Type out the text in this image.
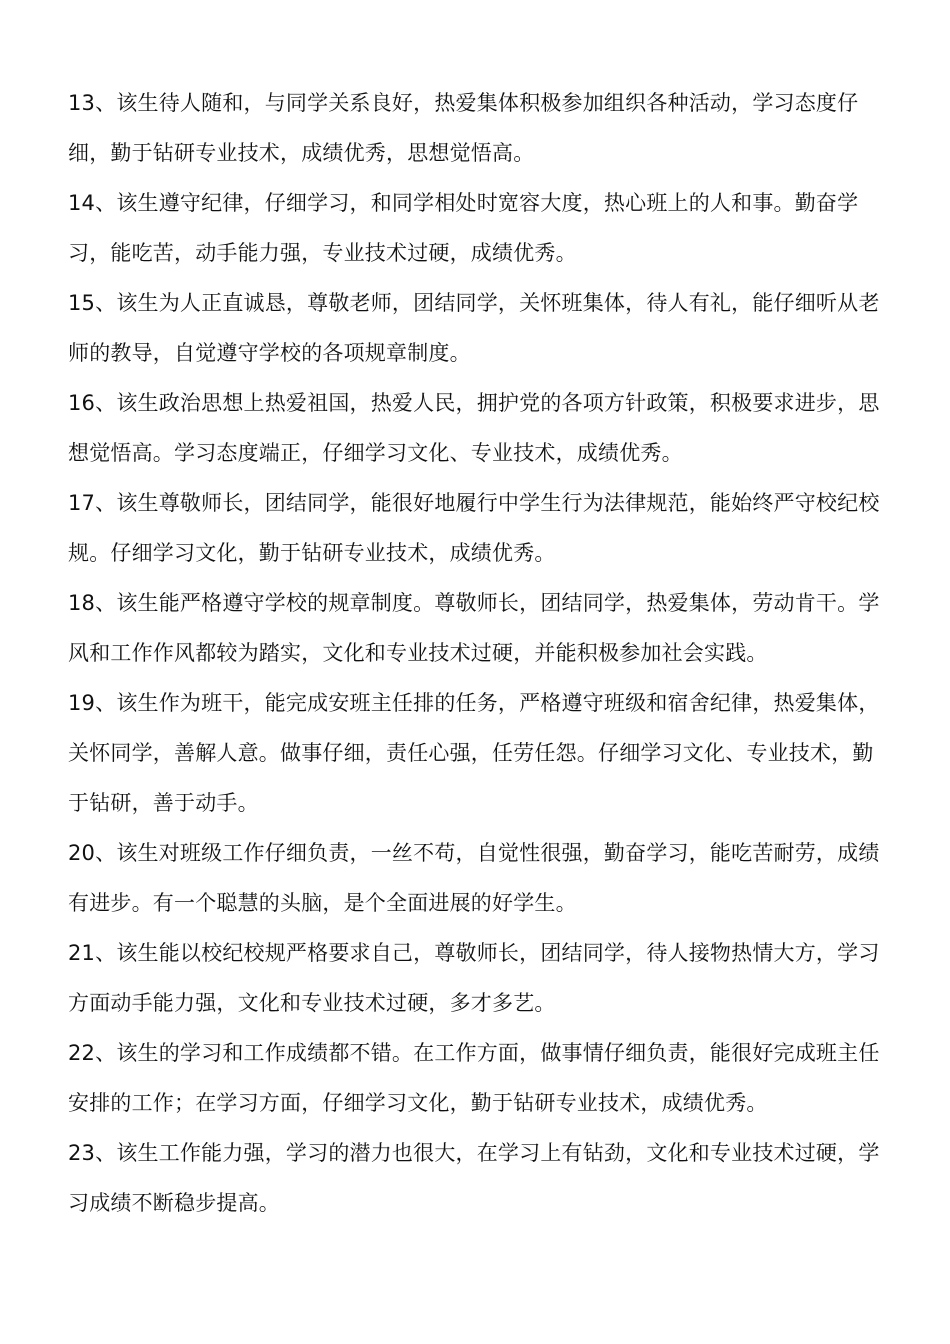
13、该生待人随和，与同学关系良好，热爱集体积极参加组织各种活动，学习态度仔细，勤于钻研专业技术，成绩优秀，思想觉悟高。

14、该生遵守纪律，仔细学习，和同学相处时宽容大度，热心班上的人和事。勤奋学习，能吃苦，动手能力强，专业技术过硬，成绩优秀。

15、该生为人正直诚恳，尊敬老师，团结同学，关怀班集体，待人有礼，能仔细听从老师的教导，自觉遵守学校的各项规章制度。

16、该生政治思想上热爱祖国，热爱人民，拥护党的各项方针政策，积极要求进步，思想觉悟高。学习态度端正，仔细学习文化、专业技术，成绩优秀。

17、该生尊敬师长，团结同学，能很好地履行中学生行为法律规范，能始终严守校纪校规。仔细学习文化，勤于钻研专业技术，成绩优秀。

18、该生能严格遵守学校的规章制度。尊敬师长，团结同学，热爱集体，劳动肯干。学风和工作作风都较为踏实，文化和专业技术过硬，并能积极参加社会实践。

19、该生作为班干，能完成安班主任排的任务，严格遵守班级和宿舍纪律，热爱集体，关怀同学，善解人意。做事仔细，责任心强，任劳任怨。仔细学习文化、专业技术，勤于钻研，善于动手。

20、该生对班级工作仔细负责，一丝不苟，自觉性很强，勤奋学习，能吃苦耐劳，成绩有进步。有一个聪慧的头脑，是个全面进展的好学生。

21、该生能以校纪校规严格要求自己，尊敬师长，团结同学，待人接物热情大方，学习方面动手能力强，文化和专业技术过硬，多才多艺。

22、该生的学习和工作成绩都不错。在工作方面，做事情仔细负责，能很好完成班主任安排的工作；在学习方面，仔细学习文化，勤于钻研专业技术，成绩优秀。

23、该生工作能力强，学习的潜力也很大，在学习上有钻劲，文化和专业技术过硬，学习成绩不断稳步提高。
